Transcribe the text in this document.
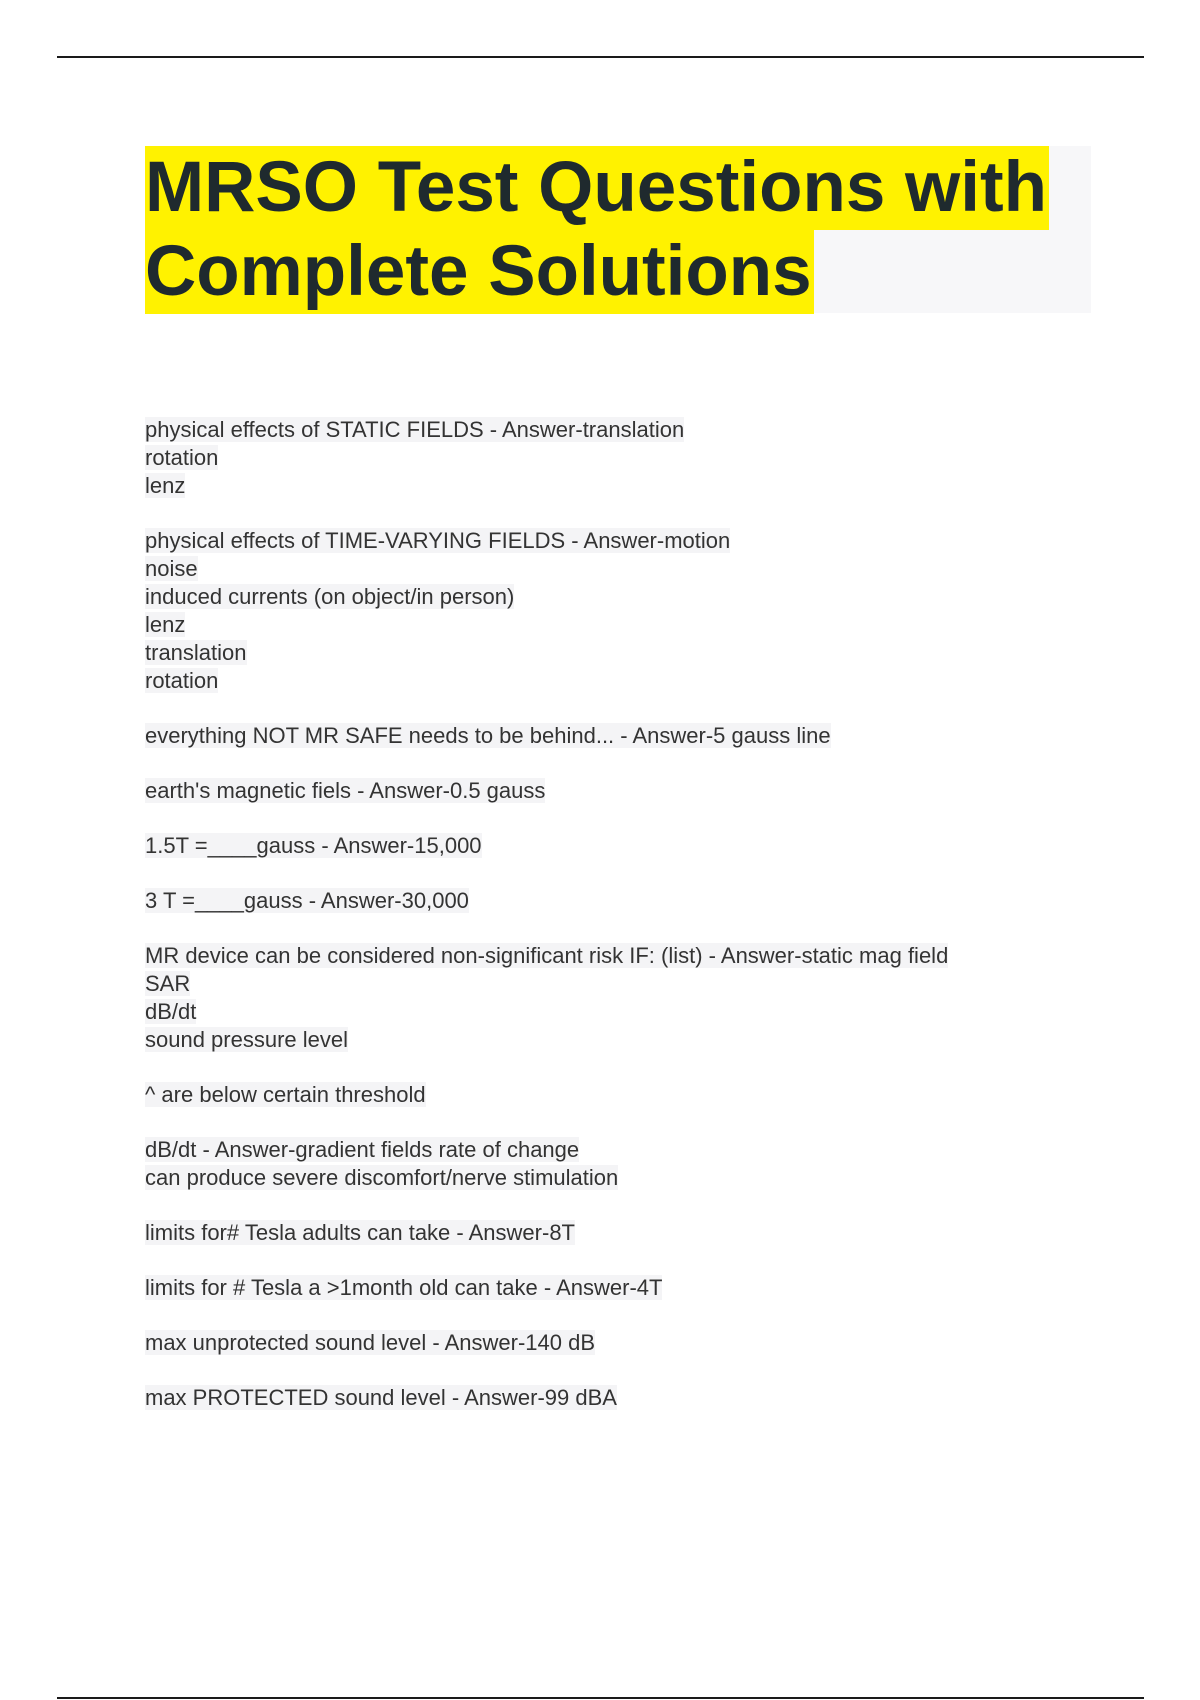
MRSO Test Questions with
Complete Solutions
physical effects of STATIC FIELDS - Answer-translation
rotation
lenz
physical effects of TIME-VARYING FIELDS - Answer-motion
noise
induced currents (on object/in person)
lenz
translation
rotation
everything NOT MR SAFE needs to be behind... - Answer-5 gauss line
earth's magnetic fiels - Answer-0.5 gauss
1.5T =____gauss - Answer-15,000
3 T =____gauss - Answer-30,000
MR device can be considered non-significant risk IF: (list) - Answer-static mag field
SAR
dB/dt
sound pressure level
^ are below certain threshold
dB/dt - Answer-gradient fields rate of change
can produce severe discomfort/nerve stimulation
limits for# Tesla adults can take - Answer-8T
limits for # Tesla a >1month old can take - Answer-4T
max unprotected sound level - Answer-140 dB
max PROTECTED sound level - Answer-99 dBA
